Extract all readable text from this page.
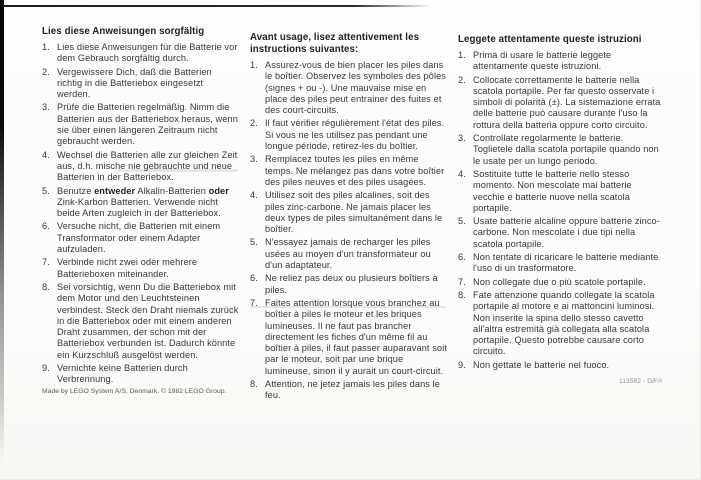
Lies diese Anweisungen sorgfältig
Lies diese Anweisungen für die Batterie vor dem Gebrauch sorgfältig durch.
Vergewissere Dich, daß die Batterien richtig in die Batteriebox eingesetzt werden.
Prüfe die Batterien regelmäßig. Nimm die Batterien aus der Batteriebox heraus, wenn sie über einen längeren Zeitraum nicht gebraucht werden.
Wechsel die Batterien alle zur gleichen Zeit aus, d.h. mische nie gebrauchte und neue Batterien in der Batteriebox.
Benutze entweder Alkalin-Batterien oder Zink-Karbon Batterien. Verwende nicht beide Arten zugleich in der Batteriebox.
Versuche nicht, die Batterien mit einem Transformator oder einem Adapter aufzuladen.
Verbinde nicht zwei oder mehrere Batterieboxen miteinander.
Sei vorsichtig, wenn Du die Batteriebox mit dem Motor und den Leuchtsteinen verbindest. Steck den Draht niemals zurück in die Batteriebox oder mit einem anderen Draht zusammen, der schon mit der Batteriebox verbunden ist. Dadurch könnte ein Kurzschluß ausgelöst werden.
Vernichte keine Batterien durch Verbrennung.
Made by LEGO System A/S, Denmark. © 1982 LEGO Group.
Avant usage, lisez attentivement les instructions suivantes:
Assurez-vous de bien placer les piles dans le boîtier. Observez les symboles des pôles (signes + ou -). Une mauvaise mise en place des piles peut entrainer des fuites et des court-circuits.
Il faut vérifier régulièrement l'état des piles. Si vous ne les utilisez pas pendant une longue période, retirez-les du boîtier.
Remplacez toutes les piles en même temps. Ne mélangez pas dans votre boîtier des piles neuves et des piles usagées.
Utilisez soit des piles alcalines, soit des piles zinc-carbone. Ne jamais placer les deux types de piles simultanément dans le boîtier.
N'essayez jamais de recharger les piles usées au moyen d'un transformateur ou d'un adaptateur.
Ne reliez pas deux ou plusieurs boîtiers à piles.
Faites attention lorsque vous branchez au boîtier à piles le moteur et les briques lumineuses. Il ne faut pas brancher directement les fiches d'un même fil au boîtier à piles, il faut passer auparavant soit par le moteur, soit par une brique lumineuse, sinon il y aurait un court-circuit.
Attention, ne jetez jamais les piles dans le feu.
Leggete attentamente queste istruzioni
Prima di usare le batterie leggete attentamente queste istruzioni.
Collocate correttamente le batterie nella scatola portapile. Per far questo osservate i simboli di polarità (±). La sistemazione errata delle batterie può causare durante l'uso la rottura della batteria oppure corto circuito.
Controllate regolarmente le batterie. Toglietele dalla scatola portapile quando non le usate per un lungo periodo.
Sostituite tutte le batterie nello stesso momento. Non mescolate mai batterie vecchie e batterie nuove nella scatola portapile.
Usate batterie alcaline oppure batterie zinco-carbone. Non mescolate i due tipi nella scatola portapile.
Non tentate di ricaricare le batterie mediante l'uso di un trasformatore.
Non collegate due o più scatole portapile.
Fate attenzione quando collegate la scatola portapile al motore e ai mattoncini luminosi. Non inserite la spina dello stesso cavetto all'altra estremità già collegata alla scatola portapile. Questo potrebbe causare corto circuito.
Non gettate le batterie nel fuoco.
113582 - D/F/I
